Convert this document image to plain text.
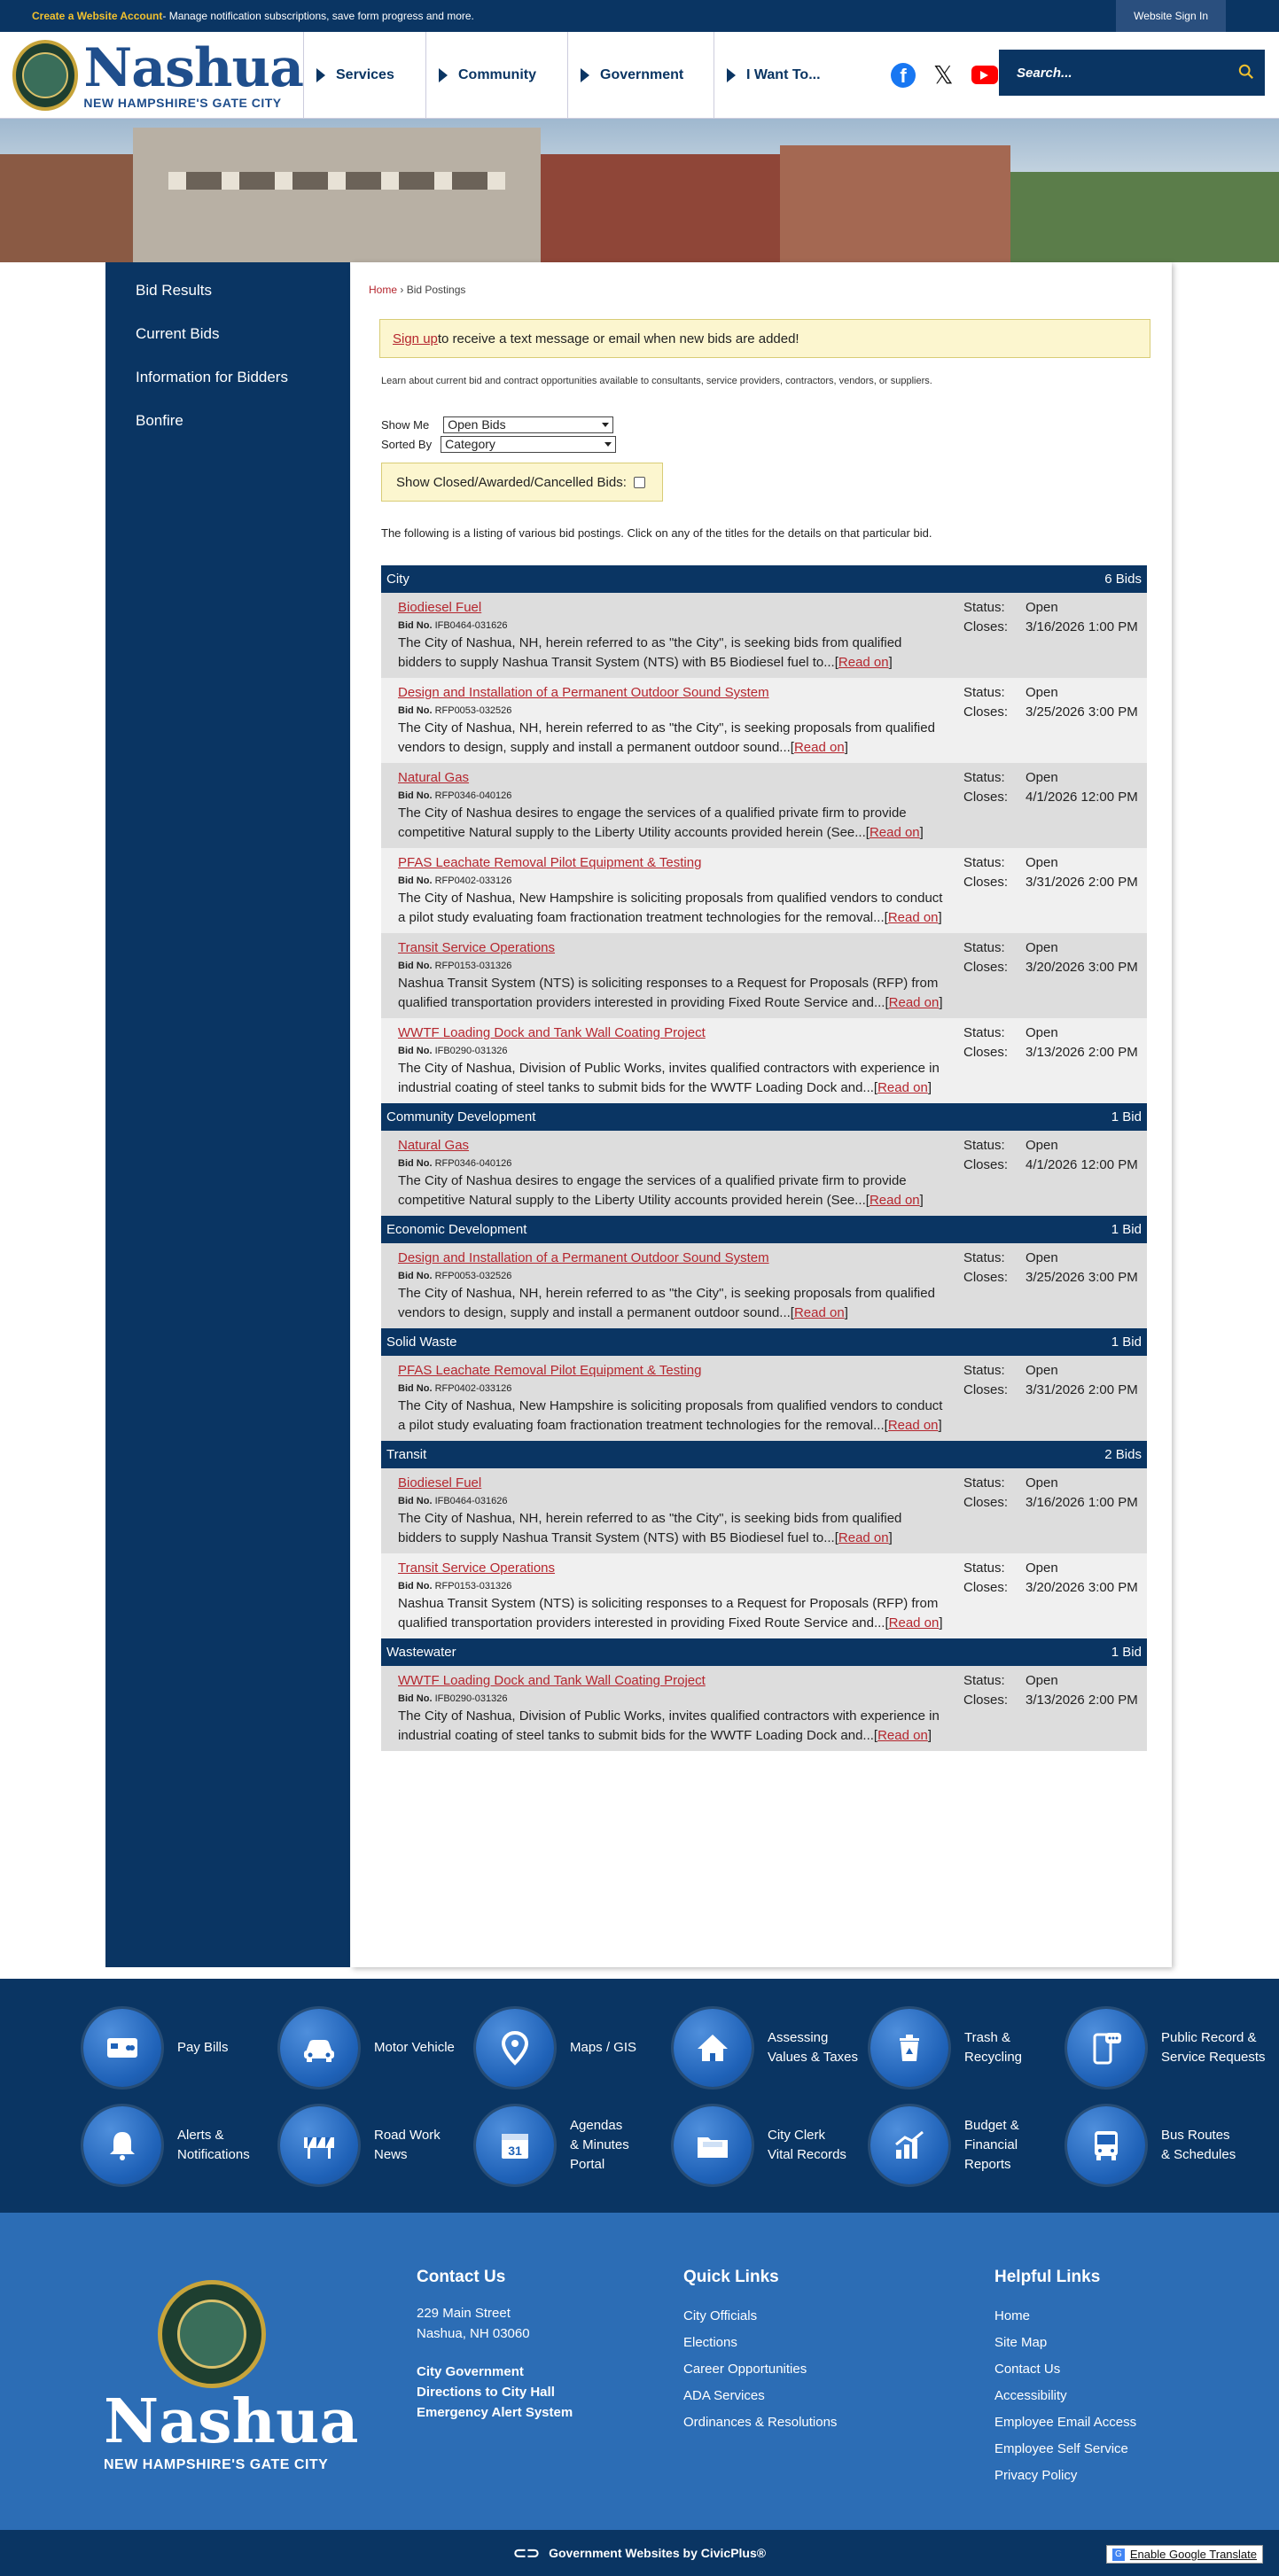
Create a Website Account - Manage notification subscriptions, save form progress and more.	Website Sign In
Nashua
NEW HAMPSHIRE'S GATE CITY
Services	Community	Government	I Want To...	f	𝕏	Search...
Bid Results
Current Bids
Information for Bidders
Bonfire
Home › Bid Postings
Sign up to receive a text message or email when new bids are added!
Learn about current bid and contract opportunities available to consultants, service providers, contractors, vendors, or suppliers.
Show Me	Open Bids
Sorted By	Category
Show Closed/Awarded/Cancelled Bids:
The following is a listing of various bid postings. Click on any of the titles for the details on that particular bid.
City	6 Bids
Biodiesel Fuel
Bid No. IFB0464-031626
The City of Nashua, NH, herein referred to as "the City", is seeking bids from qualified bidders to supply Nashua Transit System (NTS) with B5 Biodiesel fuel to...[Read on]
Status: Open
Closes: 3/16/2026 1:00 PM
Design and Installation of a Permanent Outdoor Sound System
Bid No. RFP0053-032526
The City of Nashua, NH, herein referred to as "the City", is seeking proposals from qualified vendors to design, supply and install a permanent outdoor sound...[Read on]
Status: Open
Closes: 3/25/2026 3:00 PM
Natural Gas
Bid No. RFP0346-040126
The City of Nashua desires to engage the services of a qualified private firm to provide competitive Natural supply to the Liberty Utility accounts provided herein (See...[Read on]
Status: Open
Closes: 4/1/2026 12:00 PM
PFAS Leachate Removal Pilot Equipment & Testing
Bid No. RFP0402-033126
The City of Nashua, New Hampshire is soliciting proposals from qualified vendors to conduct a pilot study evaluating foam fractionation treatment technologies for the removal...[Read on]
Status: Open
Closes: 3/31/2026 2:00 PM
Transit Service Operations
Bid No. RFP0153-031326
Nashua Transit System (NTS) is soliciting responses to a Request for Proposals (RFP) from qualified transportation providers interested in providing Fixed Route Service and...[Read on]
Status: Open
Closes: 3/20/2026 3:00 PM
WWTF Loading Dock and Tank Wall Coating Project
Bid No. IFB0290-031326
The City of Nashua, Division of Public Works, invites qualified contractors with experience in industrial coating of steel tanks to submit bids for the WWTF Loading Dock and...[Read on]
Status: Open
Closes: 3/13/2026 2:00 PM
Community Development	1 Bid
Natural Gas
Bid No. RFP0346-040126
The City of Nashua desires to engage the services of a qualified private firm to provide competitive Natural supply to the Liberty Utility accounts provided herein (See...[Read on]
Status: Open
Closes: 4/1/2026 12:00 PM
Economic Development	1 Bid
Design and Installation of a Permanent Outdoor Sound System
Bid No. RFP0053-032526
The City of Nashua, NH, herein referred to as "the City", is seeking proposals from qualified vendors to design, supply and install a permanent outdoor sound...[Read on]
Status: Open
Closes: 3/25/2026 3:00 PM
Solid Waste	1 Bid
PFAS Leachate Removal Pilot Equipment & Testing
Bid No. RFP0402-033126
The City of Nashua, New Hampshire is soliciting proposals from qualified vendors to conduct a pilot study evaluating foam fractionation treatment technologies for the removal...[Read on]
Status: Open
Closes: 3/31/2026 2:00 PM
Transit	2 Bids
Biodiesel Fuel
Bid No. IFB0464-031626
The City of Nashua, NH, herein referred to as "the City", is seeking bids from qualified bidders to supply Nashua Transit System (NTS) with B5 Biodiesel fuel to...[Read on]
Status: Open
Closes: 3/16/2026 1:00 PM
Transit Service Operations
Bid No. RFP0153-031326
Nashua Transit System (NTS) is soliciting responses to a Request for Proposals (RFP) from qualified transportation providers interested in providing Fixed Route Service and...[Read on]
Status: Open
Closes: 3/20/2026 3:00 PM
Wastewater	1 Bid
WWTF Loading Dock and Tank Wall Coating Project
Bid No. IFB0290-031326
The City of Nashua, Division of Public Works, invites qualified contractors with experience in industrial coating of steel tanks to submit bids for the WWTF Loading Dock and...[Read on]
Status: Open
Closes: 3/13/2026 2:00 PM
Pay Bills	Motor Vehicle	Maps / GIS
Assessing
Values & Taxes
Trash &
Recycling
Public Record &
Service Requests
Alerts &
Notifications
Road Work
News	31
Agendas
& Minutes
Portal
City Clerk
Vital Records
Budget &
Financial
Reports
Bus Routes
& Schedules
Nashua
NEW HAMPSHIRE'S GATE CITY
Contact Us
229 Main Street
Nashua, NH 03060
City Government
Directions to City Hall
Emergency Alert System
Quick Links
City Officials
Elections
Career Opportunities
ADA Services
Ordinances & Resolutions
Helpful Links
Home
Site Map
Contact Us
Accessibility
Employee Email Access
Employee Self Service
Privacy Policy
⊂⊃ Government Websites by CivicPlus®	G Enable Google Translate
